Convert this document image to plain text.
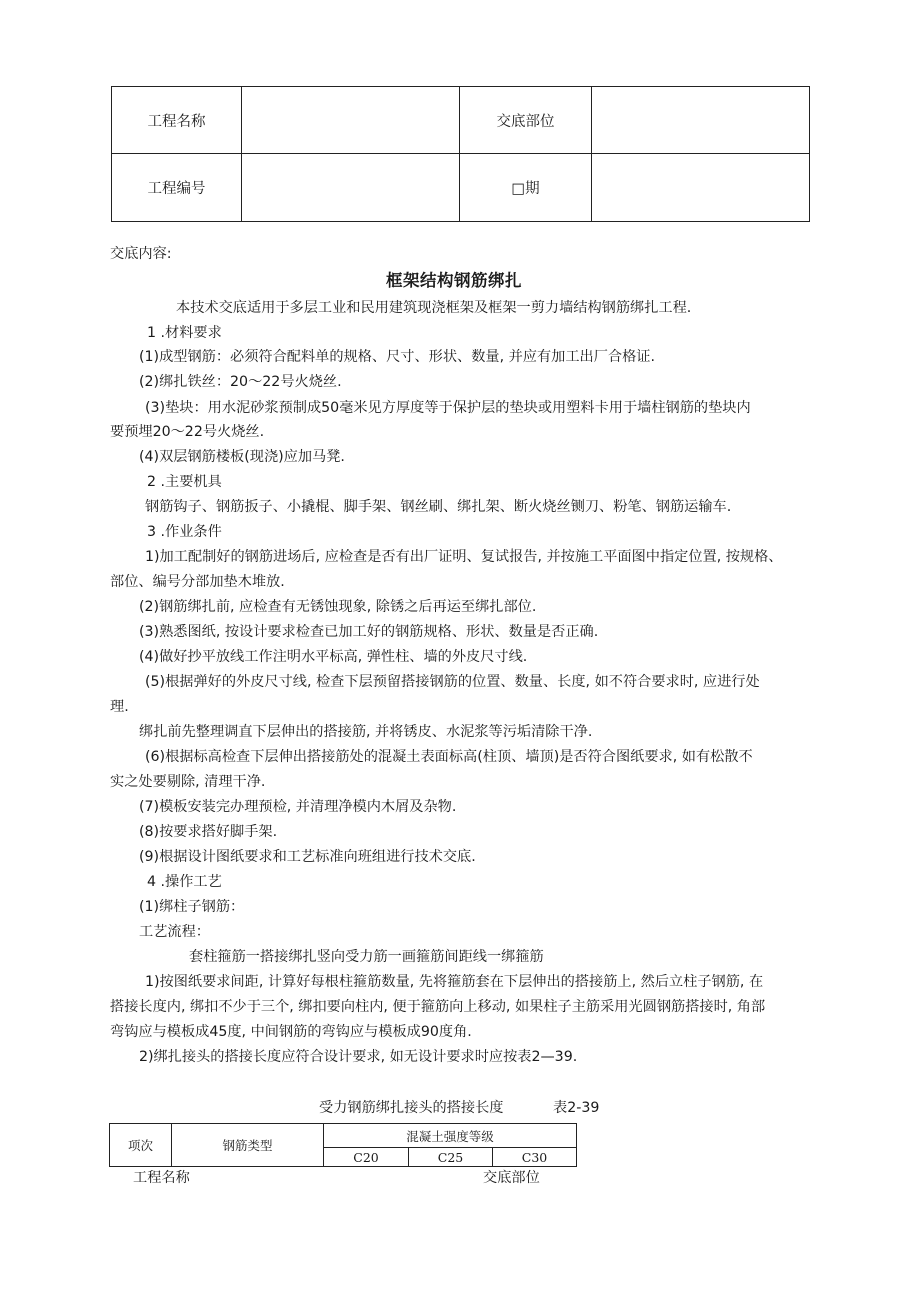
工程名称		交底部位	
工程编号		□期	
交底内容:
框架结构钢筋绑扎
本技术交底适用于多层工业和民用建筑现浇框架及框架一剪力墙结构钢筋绑扎工程.
1 .材料要求
(1)成型钢筋：必须符合配料单的规格、尺寸、形状、数量, 并应有加工出厂合格证.
(2)绑扎铁丝：20～22号火烧丝.
(3)垫块：用水泥砂浆预制成50毫米见方厚度等于保护层的垫块或用塑料卡用于墙柱钢筋的垫块内
要预埋20～22号火烧丝.
(4)双层钢筋楼板(现浇)应加马凳.
2 .主要机具
钢筋钩子、钢筋扳子、小撬棍、脚手架、钢丝刷、绑扎架、断火烧丝铡刀、粉笔、钢筋运输车.
3 .作业条件
1)加工配制好的钢筋进场后, 应检查是否有出厂证明、复试报告, 并按施工平面图中指定位置, 按规格、
部位、编号分部加垫木堆放.
(2)钢筋绑扎前, 应检查有无锈蚀现象, 除锈之后再运至绑扎部位.
(3)熟悉图纸, 按设计要求检查已加工好的钢筋规格、形状、数量是否正确.
(4)做好抄平放线工作注明水平标高, 弹性柱、墙的外皮尺寸线.
(5)根据弹好的外皮尺寸线, 检查下层预留搭接钢筋的位置、数量、长度, 如不符合要求时, 应进行处
理.
绑扎前先整理调直下层伸出的搭接筋, 并将锈皮、水泥浆等污垢清除干净.
(6)根据标高检查下层伸出搭接筋处的混凝土表面标高(柱顶、墙顶)是否符合图纸要求, 如有松散不
实之处要剔除, 清理干净.
(7)模板安装完办理预检, 并清理净模内木屑及杂物.
(8)按要求搭好脚手架.
(9)根据设计图纸要求和工艺标准向班组进行技术交底.
4 .操作工艺
(1)绑柱子钢筋：
工艺流程：
套柱箍筋一搭接绑扎竖向受力筋一画箍筋间距线一绑箍筋
1)按图纸要求间距, 计算好每根柱箍筋数量, 先将箍筋套在下层伸出的搭接筋上, 然后立柱子钢筋, 在
搭接长度内, 绑扣不少于三个, 绑扣要向柱内, 便于箍筋向上移动, 如果柱子主筋采用光圆钢筋搭接时, 角部
弯钩应与模板成45度, 中间钢筋的弯钩应与模板成90度角.
2)绑扎接头的搭接长度应符合设计要求, 如无设计要求时应按表2—39.
受力钢筋绑扎接头的搭接长度	表2-39
项次	钢筋类型	混凝土强度等级		
		C20	C25	C30
工程名称	交底部位
